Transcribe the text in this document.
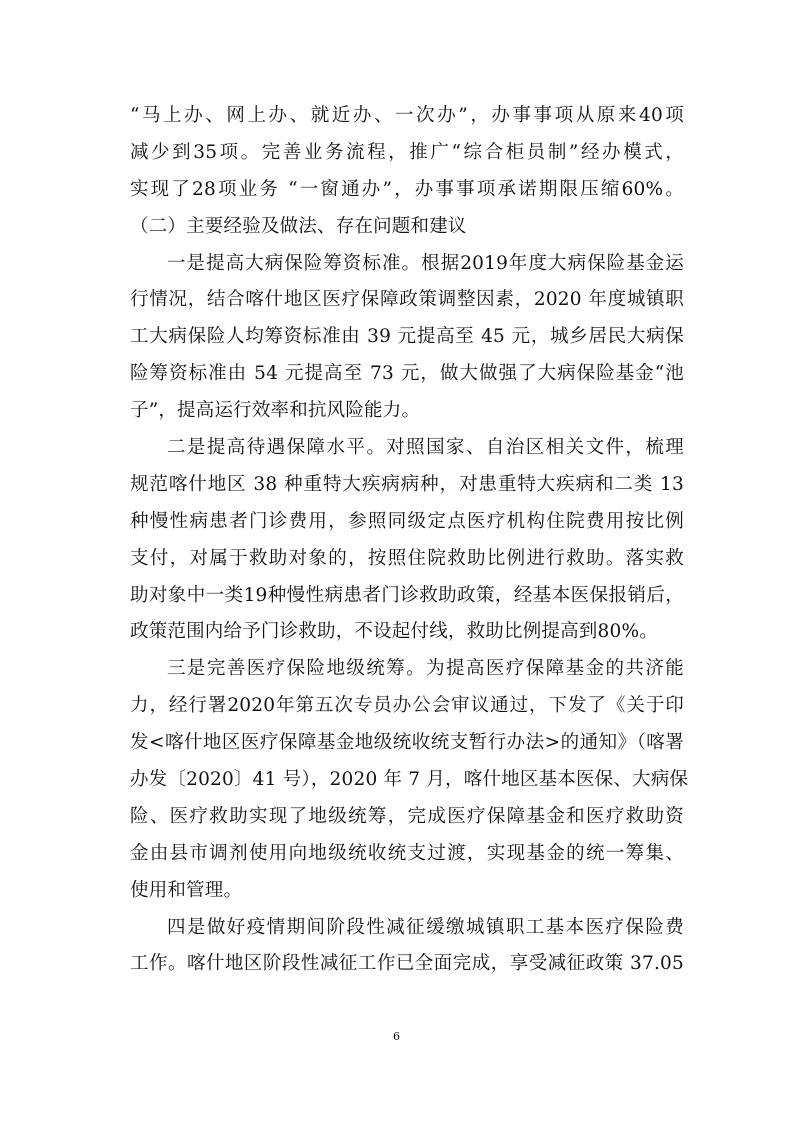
“马上办、网上办、就近办、一次办”，办事事项从原来40项
减少到35项。完善业务流程，推广“综合柜员制”经办模式，
实现了28项业务 “一窗通办”，办事事项承诺期限压缩60%。
（二）主要经验及做法、存在问题和建议
一是提高大病保险筹资标准。根据2019年度大病保险基金运
行情况，结合喀什地区医疗保障政策调整因素，2020 年度城镇职
工大病保险人均筹资标准由 39 元提高至 45 元，城乡居民大病保
险筹资标准由 54 元提高至 73 元，做大做强了大病保险基金“池
子”，提高运行效率和抗风险能力。
二是提高待遇保障水平。对照国家、自治区相关文件，梳理
规范喀什地区 38 种重特大疾病病种，对患重特大疾病和二类 13
种慢性病患者门诊费用，参照同级定点医疗机构住院费用按比例
支付，对属于救助对象的，按照住院救助比例进行救助。落实救
助对象中一类19种慢性病患者门诊救助政策，经基本医保报销后，
政策范围内给予门诊救助，不设起付线，救助比例提高到80%。
三是完善医疗保险地级统筹。为提高医疗保障基金的共济能
力，经行署2020年第五次专员办公会审议通过，下发了《关于印
发<喀什地区医疗保障基金地级统收统支暂行办法>的通知》（喀署
办发〔2020〕41 号），2020 年 7 月，喀什地区基本医保、大病保
险、医疗救助实现了地级统筹，完成医疗保障基金和医疗救助资
金由县市调剂使用向地级统收统支过渡，实现基金的统一筹集、
使用和管理。
四是做好疫情期间阶段性减征缓缴城镇职工基本医疗保险费
工作。喀什地区阶段性减征工作已全面完成，享受减征政策 37.05
6
